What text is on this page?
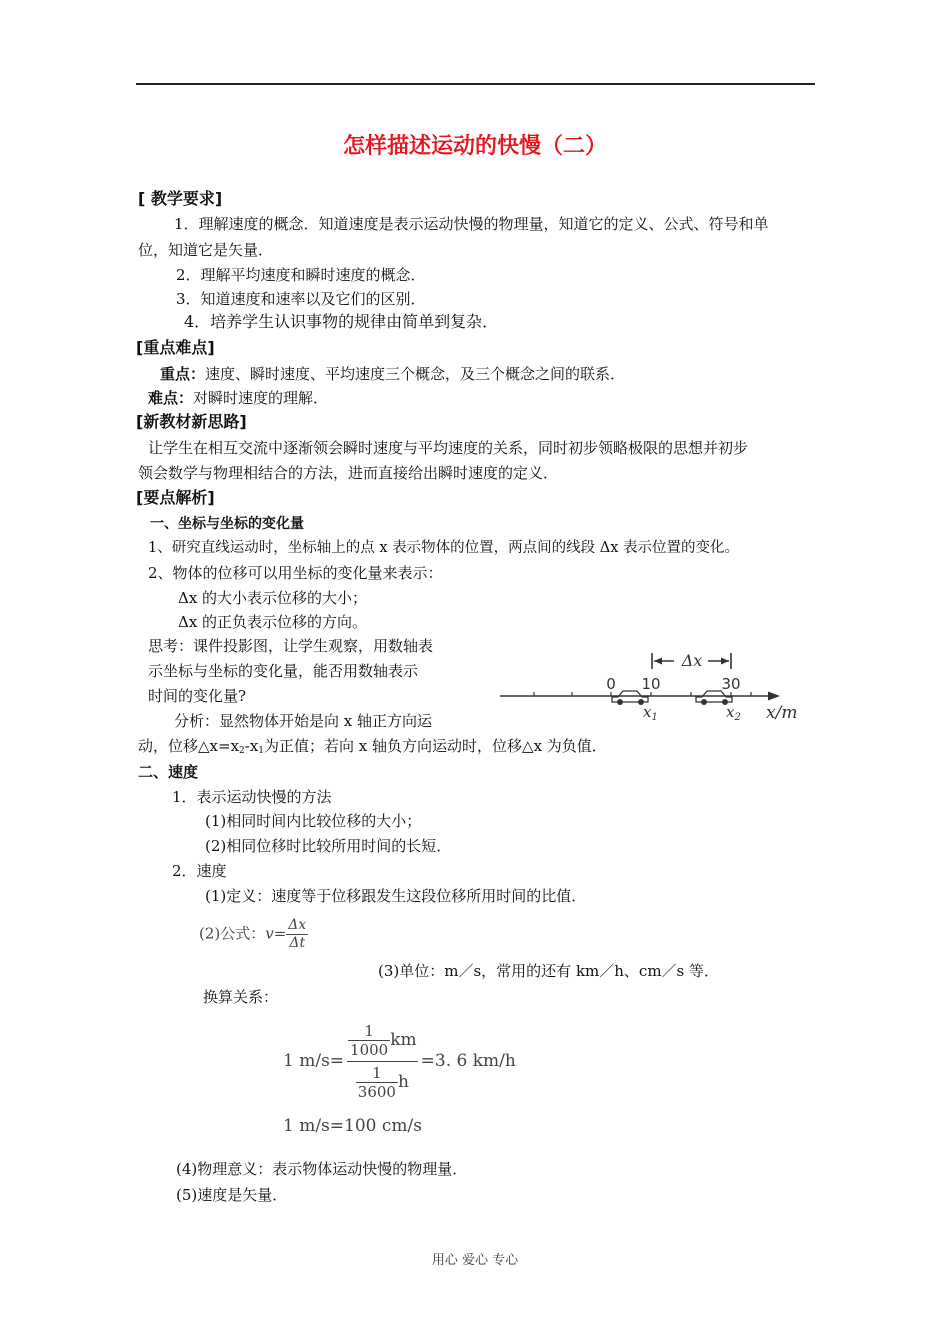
怎样描述运动的快慢（二）
[ 教学要求]
1．理解速度的概念．知道速度是表示运动快慢的物理量，知道它的定义、公式、符号和单
位，知道它是矢量．
2．理解平均速度和瞬时速度的概念．
3．知道速度和速率以及它们的区别．
4．培养学生认识事物的规律由简单到复杂．
[重点难点]
重点：速度、瞬时速度、平均速度三个概念，及三个概念之间的联系．
难点：对瞬时速度的理解．
[新教材新思路]
让学生在相互交流中逐渐领会瞬时速度与平均速度的关系，同时初步领略极限的思想并初步
领会数学与物理相结合的方法，进而直接给出瞬时速度的定义．
[要点解析]
一、坐标与坐标的变化量
1、研究直线运动时，坐标轴上的点 x 表示物体的位置，两点间的线段 Δx 表示位置的变化。
2、物体的位移可以用坐标的变化量来表示：
Δx 的大小表示位移的大小；
Δx 的正负表示位移的方向。
思考：课件投影图，让学生观察，用数轴表
示坐标与坐标的变化量，能否用数轴表示
时间的变化量?
分析：显然物体开始是向 x 轴正方向运
动，位移$\triangle x=x_2-x_1$为正值；若向 x 轴负方向运动时，位移△x 为负值．
Δx
0 10	30
$x_1$	$x_2$ x/m
二、速度
1．表示运动快慢的方法
(1)相同时间内比较位移的大小；
(2)相同位移时比较所用时间的长短．
2．速度
(1)定义：速度等于位移跟发生这段位移所用时间的比值．
(2)公式：$v= \frac{\Delta x}{\Delta t}$
(3)单位：m／s，常用的还有 km／h、cm／s 等．
换算关系：
1 $m/s= \frac{\frac{1}{1000} km}{\frac{1}{3600} h} =3$. 6 km/h
1 m/s=100 cm/s
(4)物理意义：表示物体运动快慢的物理量．
(5)速度是矢量．
用心 爱心 专心
